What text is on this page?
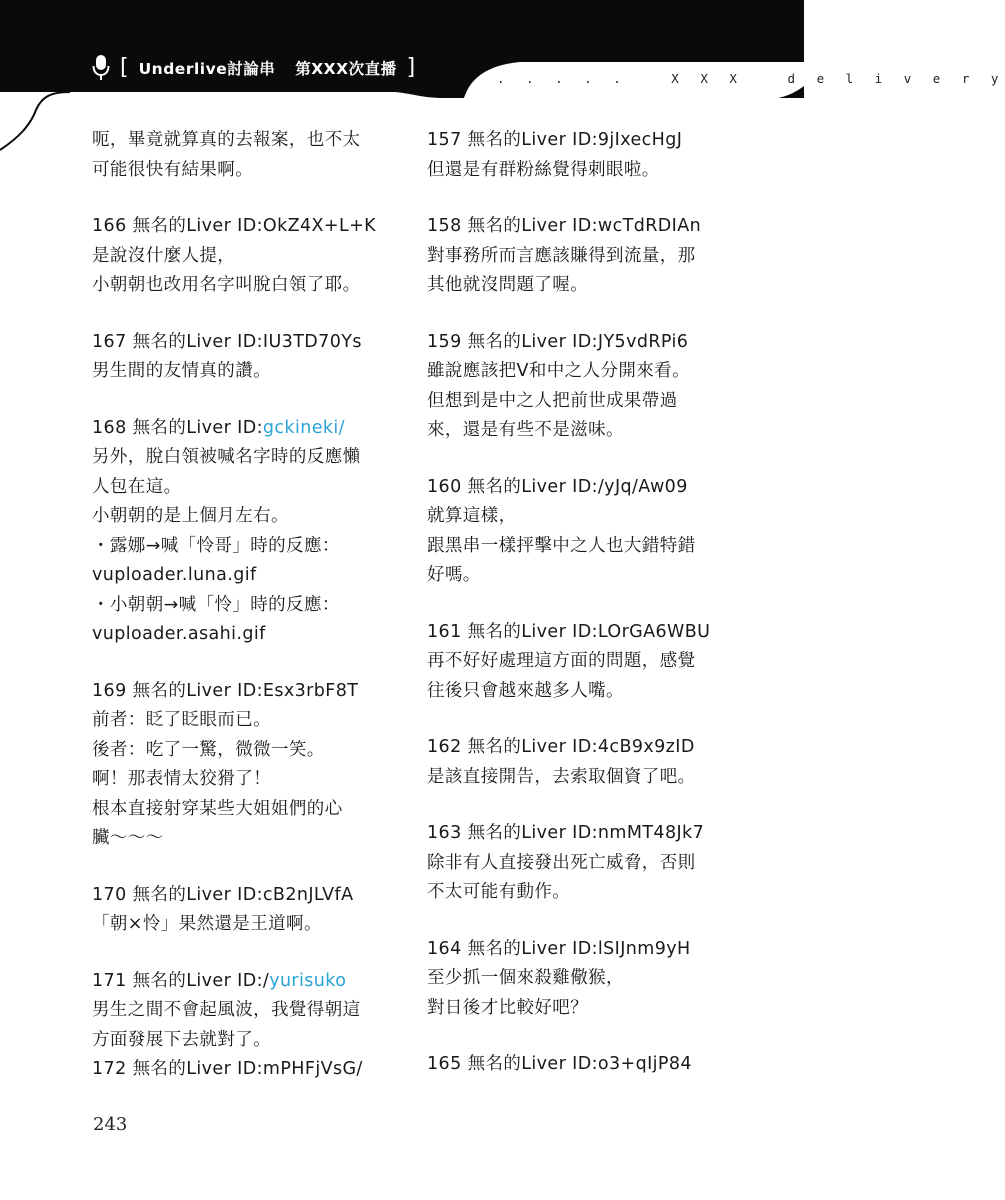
[ Underlive討論串 第XXX次直播 ]	. . . . .   X X X   d e l i v e r y
呃，畢竟就算真的去報案，也不太
可能很快有結果啊。
166 無名的Liver ID:OkZ4X+L+K
是說沒什麼人提，
小朝朝也改用名字叫脫白領了耶。
167 無名的Liver ID:IU3TD70Ys
男生間的友情真的讚。
168 無名的Liver ID:gckineki/
另外，脫白領被喊名字時的反應懶
人包在這。
小朝朝的是上個月左右。
・露娜→喊「怜哥」時的反應：
vuploader.luna.gif
・小朝朝→喊「怜」時的反應：
vuploader.asahi.gif
169 無名的Liver ID:Esx3rbF8T
前者：眨了眨眼而已。
後者：吃了一驚，微微一笑。
啊！那表情太狡猾了！
根本直接射穿某些大姐姐們的心
臟〜〜〜
170 無名的Liver ID:cB2nJLVfA
「朝×怜」果然還是王道啊。
171 無名的Liver ID:/yurisuko
男生之間不會起風波，我覺得朝這
方面發展下去就對了。
172 無名的Liver ID:mPHFjVsG/
157 無名的Liver ID:9jIxecHgJ
但還是有群粉絲覺得刺眼啦。
158 無名的Liver ID:wcTdRDIAn
對事務所而言應該賺得到流量，那
其他就沒問題了喔。
159 無名的Liver ID:JY5vdRPi6
雖說應該把V和中之人分開來看。
但想到是中之人把前世成果帶過
來，還是有些不是滋味。
160 無名的Liver ID:/yJq/Aw09
就算這樣，
跟黑串一樣抨擊中之人也大錯特錯
好嗎。
161 無名的Liver ID:LOrGA6WBU
再不好好處理這方面的問題，感覺
往後只會越來越多人嘴。
162 無名的Liver ID:4cB9x9zID
是該直接開告，去索取個資了吧。
163 無名的Liver ID:nmMT48Jk7
除非有人直接發出死亡威脅，否則
不太可能有動作。
164 無名的Liver ID:lSIJnm9yH
至少抓一個來殺雞儆猴，
對日後才比較好吧？
165 無名的Liver ID:o3+qIjP84
243
